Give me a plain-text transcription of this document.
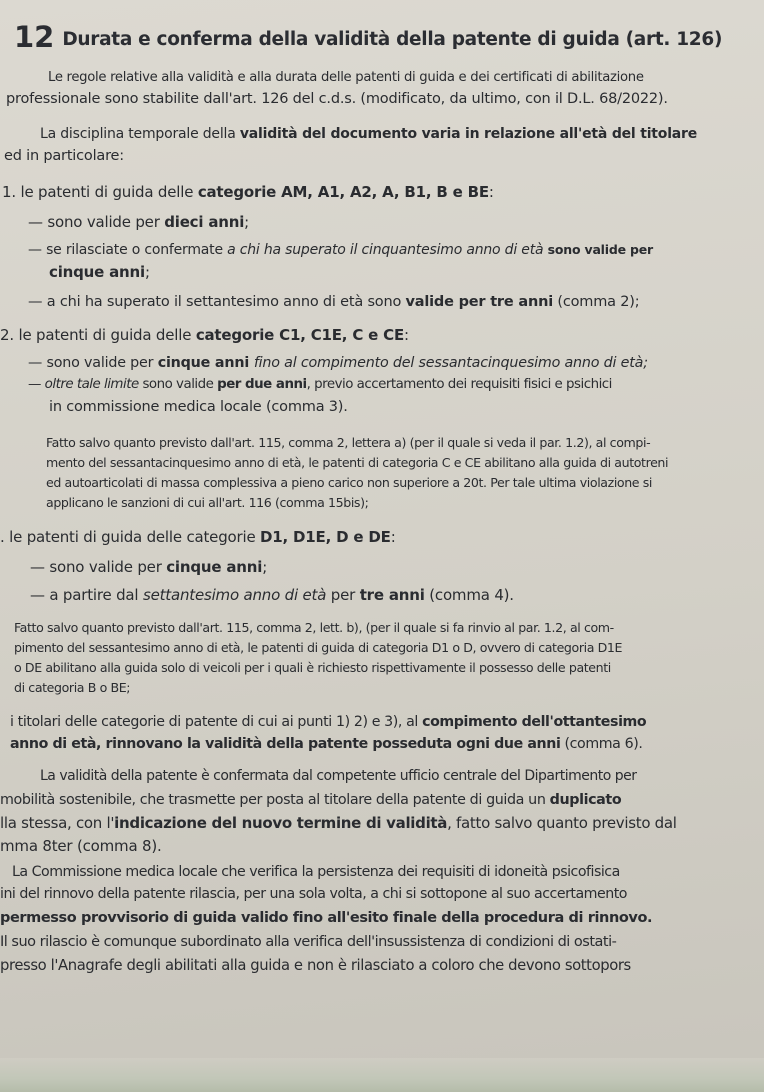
12 Durata e conferma della validità della patente di guida (art. 126)
Le regole relative alla validità e alla durata delle patenti di guida e dei certificati di abilitazione
professionale sono stabilite dall'art. 126 del c.d.s. (modificato, da ultimo, con il D.L. 68/2022).
La disciplina temporale della validità del documento varia in relazione all'età del titolare
ed in particolare:
1. le patenti di guida delle categorie AM, A1, A2, A, B1, B e BE:
— sono valide per dieci anni;
— se rilasciate o confermate a chi ha superato il cinquantesimo anno di età sono valide per
cinque anni;
— a chi ha superato il settantesimo anno di età sono valide per tre anni (comma 2);
2. le patenti di guida delle categorie C1, C1E, C e CE:
— sono valide per cinque anni fino al compimento del sessantacinquesimo anno di età;
— oltre tale limite sono valide per due anni, previo accertamento dei requisiti fisici e psichici
in commissione medica locale (comma 3).
Fatto salvo quanto previsto dall'art. 115, comma 2, lettera a) (per il quale si veda il par. 1.2), al compi-
mento del sessantacinquesimo anno di età, le patenti di categoria C e CE abilitano alla guida di autotreni
ed autoarticolati di massa complessiva a pieno carico non superiore a 20t. Per tale ultima violazione si
applicano le sanzioni di cui all'art. 116 (comma 15bis);
. le patenti di guida delle categorie D1, D1E, D e DE:
— sono valide per cinque anni;
— a partire dal settantesimo anno di età per tre anni (comma 4).
Fatto salvo quanto previsto dall'art. 115, comma 2, lett. b), (per il quale si fa rinvio al par. 1.2, al com-
pimento del sessantesimo anno di età, le patenti di guida di categoria D1 o D, ovvero di categoria D1E
o DE abilitano alla guida solo di veicoli per i quali è richiesto rispettivamente il possesso delle patenti
di categoria B o BE;
i titolari delle categorie di patente di cui ai punti 1) 2) e 3), al compimento dell'ottantesimo
anno di età, rinnovano la validità della patente posseduta ogni due anni (comma 6).
La validità della patente è confermata dal competente ufficio centrale del Dipartimento per
mobilità sostenibile, che trasmette per posta al titolare della patente di guida un duplicato
lla stessa, con l'indicazione del nuovo termine di validità, fatto salvo quanto previsto dal
mma 8ter (comma 8).
La Commissione medica locale che verifica la persistenza dei requisiti di idoneità psicofisica
ini del rinnovo della patente rilascia, per una sola volta, a chi si sottopone al suo accertamento
permesso provvisorio di guida valido fino all'esito finale della procedura di rinnovo.
Il suo rilascio è comunque subordinato alla verifica dell'insussistenza di condizioni di ostati-
presso l'Anagrafe degli abilitati alla guida e non è rilasciato a coloro che devono sottopors
